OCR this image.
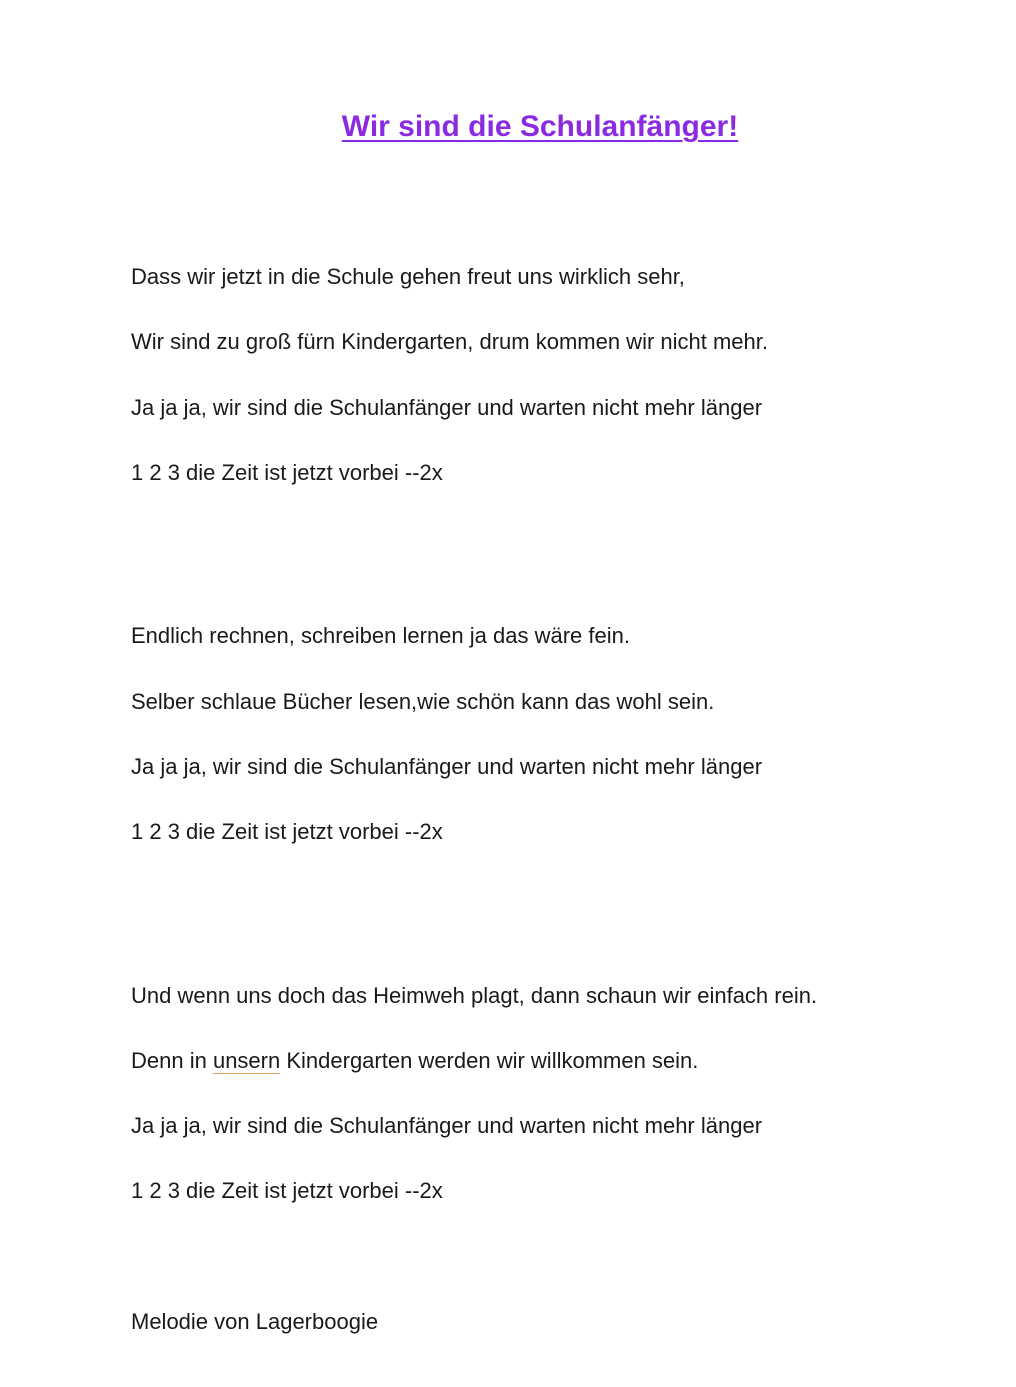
Wir sind die Schulanfänger!

Dass wir jetzt in die Schule gehen freut uns wirklich sehr,

Wir sind zu groß fürn Kindergarten, drum kommen wir nicht mehr.

Ja ja ja, wir sind die Schulanfänger und warten nicht mehr länger

1 2 3 die Zeit ist jetzt vorbei --2x

Endlich rechnen, schreiben lernen ja das wäre fein.

Selber schlaue Bücher lesen,wie schön kann das wohl sein.

Ja ja ja, wir sind die Schulanfänger und warten nicht mehr länger

1 2 3 die Zeit ist jetzt vorbei --2x

Und wenn uns doch das Heimweh plagt, dann schaun wir einfach rein.

Denn in unsern Kindergarten werden wir willkommen sein.

Ja ja ja, wir sind die Schulanfänger und warten nicht mehr länger

1 2 3 die Zeit ist jetzt vorbei --2x

Melodie von Lagerboogie
